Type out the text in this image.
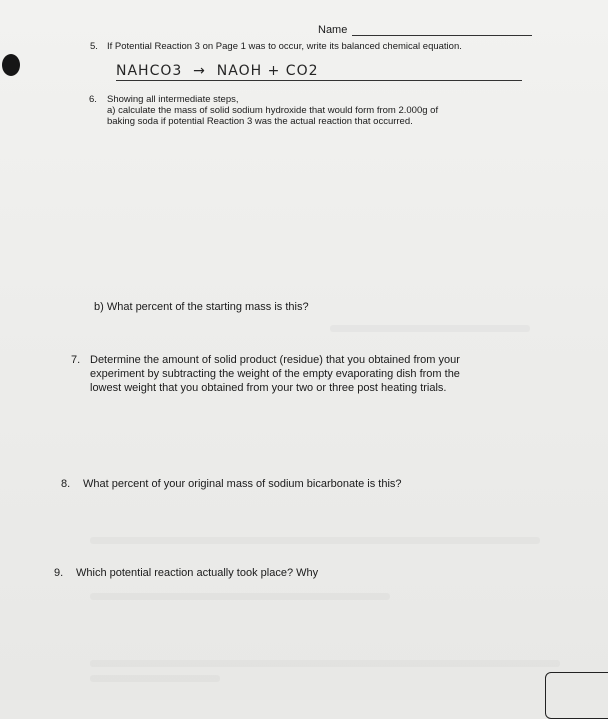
Name
5. If Potential Reaction 3 on Page 1 was to occur, write its balanced chemical equation.
NAHCO3  →  NAOH + CO2
6. Showing all intermediate steps,
a) calculate the mass of solid sodium hydroxide that would form from 2.000g of
baking soda if potential Reaction 3 was the actual reaction that occurred.
b) What percent of the starting mass is this?
7. Determine the amount of solid product (residue) that you obtained from your
experiment by subtracting the weight of the empty evaporating dish from the
lowest weight that you obtained from your two or three post heating trials.
8. What percent of your original mass of sodium bicarbonate is this?
9. Which potential reaction actually took place? Why
